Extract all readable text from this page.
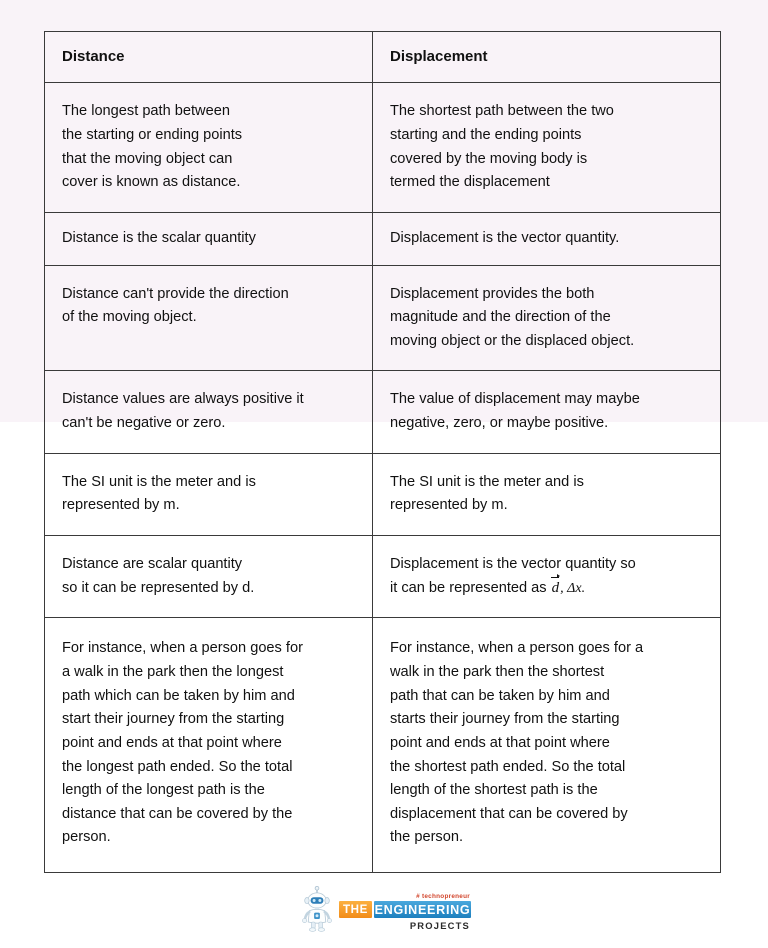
Distance	Displacement

The longest path between
the starting or ending points
that the moving object can
cover is known as distance.	The shortest path between the two
starting and the ending points
covered by the moving body is
termed the displacement

Distance is the scalar quantity	Displacement is the vector quantity.

Distance can't provide the direction
of the moving object.	Displacement provides the both
magnitude and the direction of the
moving object or the displaced object.

Distance values are always positive it
can't be negative or zero.	The value of displacement may maybe
negative, zero, or maybe positive.

The SI unit is the meter and is
represented by m.	The SI unit is the meter and is
represented by m.

Distance are scalar quantity
so it can be represented by d.	Displacement is the vector quantity so
it can be represented as d, Δx.

For instance, when a person goes for
a walk in the park then the longest
path which can be taken by him and
start their journey from the starting
point and ends at that point where
the longest path ended. So the total
length of the longest path is the
distance that can be covered by the
person.

For instance, when a person goes for a
walk in the park then the shortest
path that can be taken by him and
starts their journey from the starting
point and ends at that point where
the shortest path ended. So the total
length of the shortest path is the
displacement that can be covered by
the person.
# technopreneur
THE ENGINEERING
PROJECTS
